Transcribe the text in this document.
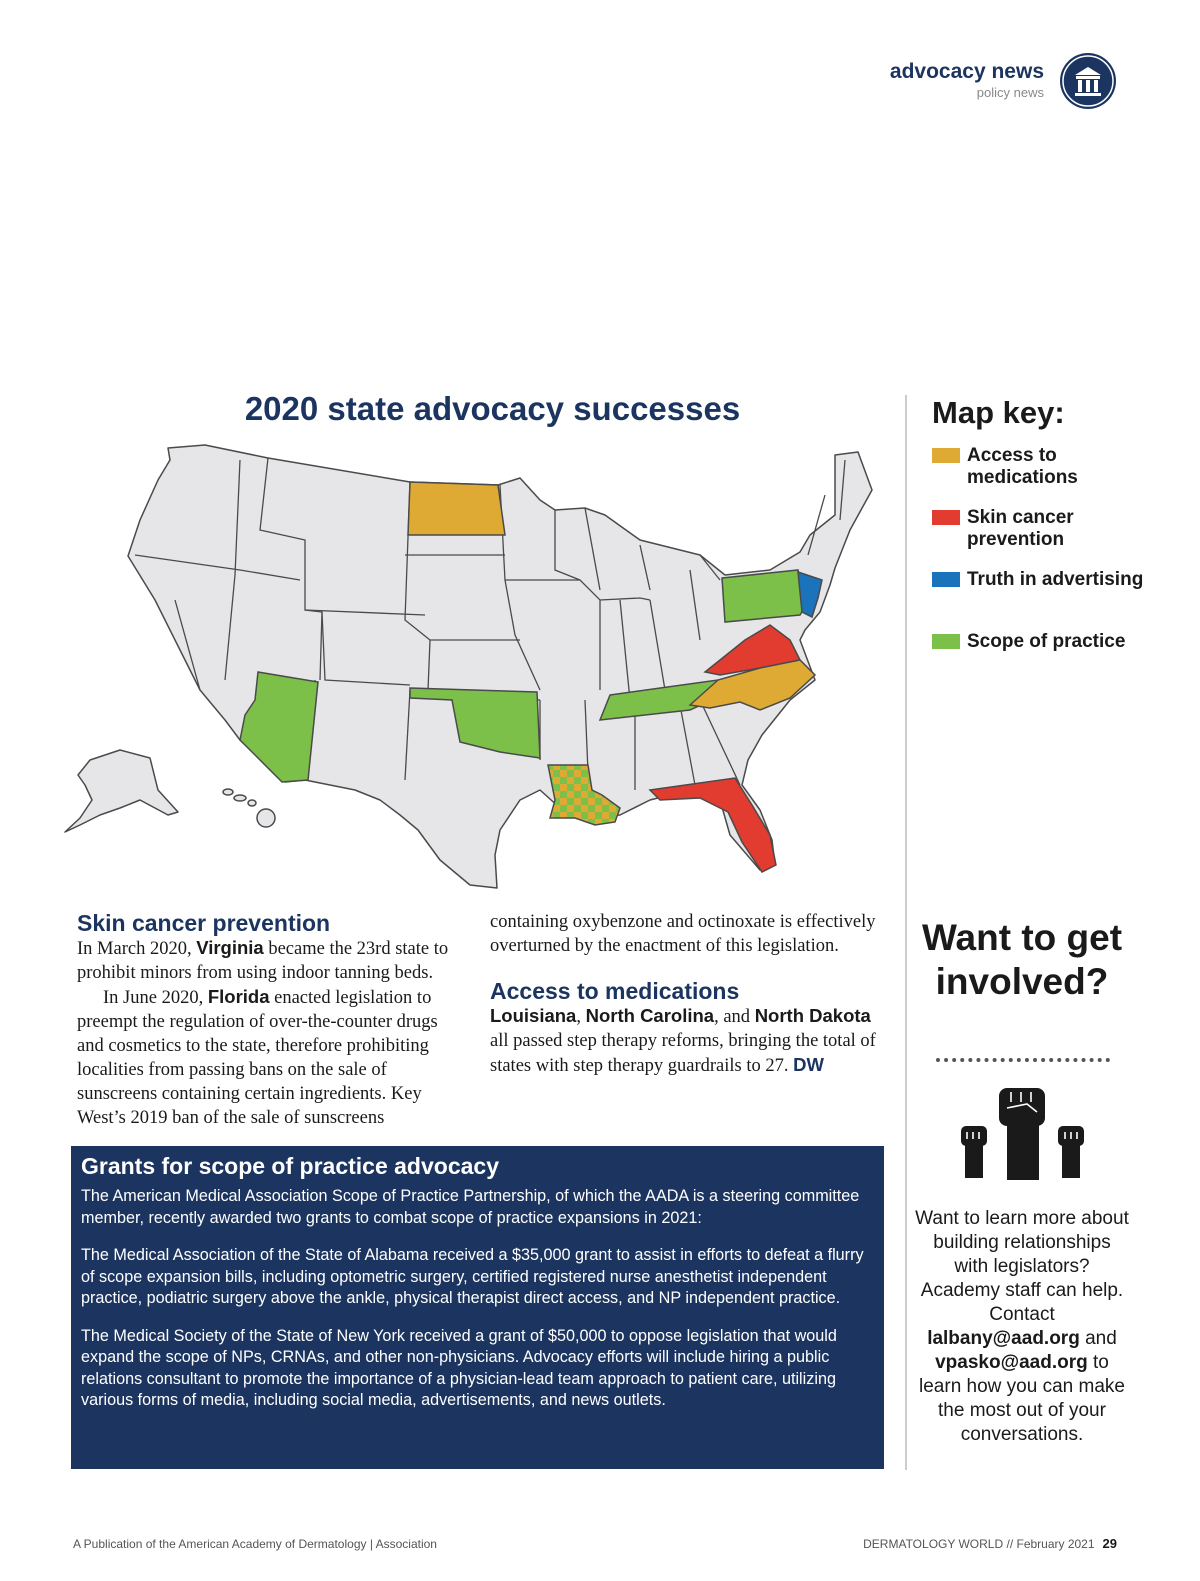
advocacy news
policy news
2020 state advocacy successes	Map key:
Access to medications
Skin cancer prevention
Truth in advertising
Scope of practice
Skin cancer prevention

In March 2020, Virginia became the 23rd state to prohibit minors from using indoor tanning beds.

In June 2020, Florida enacted legislation to preempt the regulation of over-the-counter drugs and cosmetics to the state, therefore prohibiting localities from passing bans on the sale of sunscreens containing certain ingredients. Key West’s 2019 ban of the sale of sunscreens

containing oxybenzone and octinoxate is effectively overturned by the enactment of this legislation.

Access to medications

Louisiana, North Carolina, and North Dakota all passed step therapy reforms, bringing the total of states with step therapy guardrails to 27. DW

Grants for scope of practice advocacy

The American Medical Association Scope of Practice Partnership, of which the AADA is a steering committee member, recently awarded two grants to combat scope of practice expansions in 2021:

The Medical Association of the State of Alabama received a $35,000 grant to assist in efforts to defeat a flurry of scope expansion bills, including optometric surgery, certified registered nurse anesthetist independent practice, podiatric surgery above the ankle, physical therapist direct access, and NP independent practice.

The Medical Society of the State of New York received a grant of $50,000 to oppose legislation that would expand the scope of NPs, CRNAs, and other non-physicians. Advocacy efforts will include hiring a public relations consultant to promote the importance of a physician-lead team approach to patient care, utilizing various forms of media, including social media, advertisements, and news outlets.

Want to get involved?
Want to learn more about building relationships with legislators? Academy staff can help. Contact lalbany@aad.org and vpasko@aad.org to learn how you can make the most out of your conversations.
A Publication of the American Academy of Dermatology | Association	DERMATOLOGY WORLD // February 2021 29
